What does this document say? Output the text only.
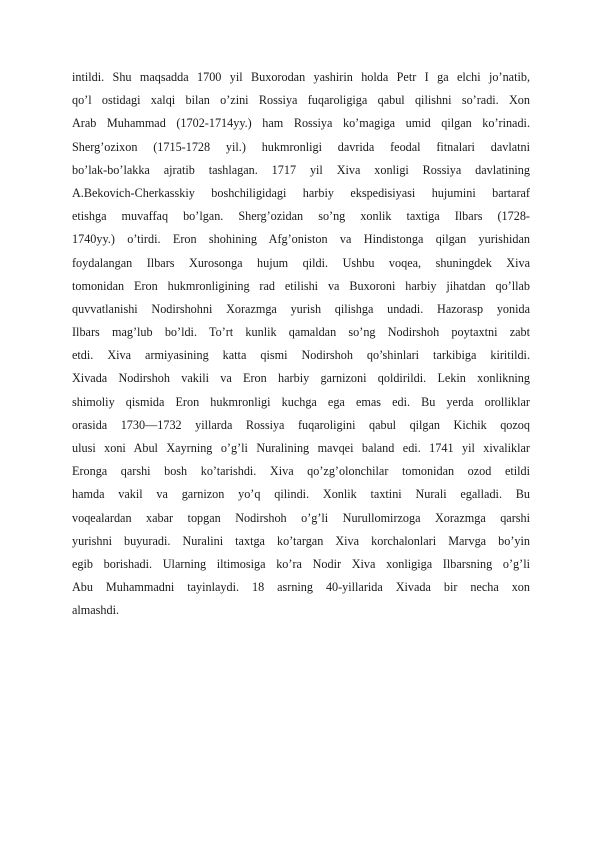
intildi. Shu maqsadda 1700 yil Buxorodan yashirin holda Petr I ga elchi jo’natib,
qo’l ostidagi xalqi bilan o’zini Rossiya fuqaroligiga qabul qilishni so’radi. Xon
Arab Muhammad (1702-1714yy.) ham Rossiya ko’magiga umid qilgan ko’rinadi.
Sherg’ozixon (1715-1728 yil.) hukmronligi davrida feodal fitnalari davlatni
bo’lak-bo’lakka ajratib tashlagan. 1717 yil Xiva xonligi Rossiya davlatining
A.Bekovich-Cherkasskiy boshchiligidagi harbiy ekspedisiyasi hujumini bartaraf
etishga muvaffaq bo’lgan. Sherg’ozidan so’ng xonlik taxtiga Ilbars (1728-
1740yy.) o’tirdi. Eron shohining Afg’oniston va Hindistonga qilgan yurishidan
foydalangan Ilbars Xurosonga hujum qildi. Ushbu voqea, shuningdek Xiva
tomonidan Eron hukmronligining rad etilishi va Buxoroni harbiy jihatdan qo’llab
quvvatlanishi Nodirshohni Xorazmga yurish qilishga undadi. Hazorasp yonida
Ilbars mag’lub bo’ldi. To’rt kunlik qamaldan so’ng Nodirshoh poytaxtni zabt
etdi. Xiva armiyasining katta qismi Nodirshoh qo’shinlari tarkibiga kiritildi.
Xivada Nodirshoh vakili va Eron harbiy garnizoni qoldirildi. Lekin xonlikning
shimoliy qismida Eron hukmronligi kuchga ega emas edi. Bu yerda orolliklar
orasida 1730—1732 yillarda Rossiya fuqaroligini qabul qilgan Kichik qozoq
ulusi xoni Abul Xayrning o’g’li Nuralining mavqei baland edi. 1741 yil xivaliklar
Eronga qarshi bosh ko’tarishdi. Xiva qo’zg’olonchilar tomonidan ozod etildi
hamda vakil va garnizon yo’q qilindi. Xonlik taxtini Nurali egalladi. Bu
voqealardan xabar topgan Nodirshoh o’g’li Nurullomirzoga Xorazmga qarshi
yurishni buyuradi. Nuralini taxtga ko’targan Xiva korchalonlari Marvga bo’yin
egib borishadi. Ularning iltimosiga ko’ra Nodir Xiva xonligiga Ilbarsning o’g’li
Abu Muhammadni tayinlaydi. 18 asrning 40-yillarida Xivada bir necha xon
almashdi.
